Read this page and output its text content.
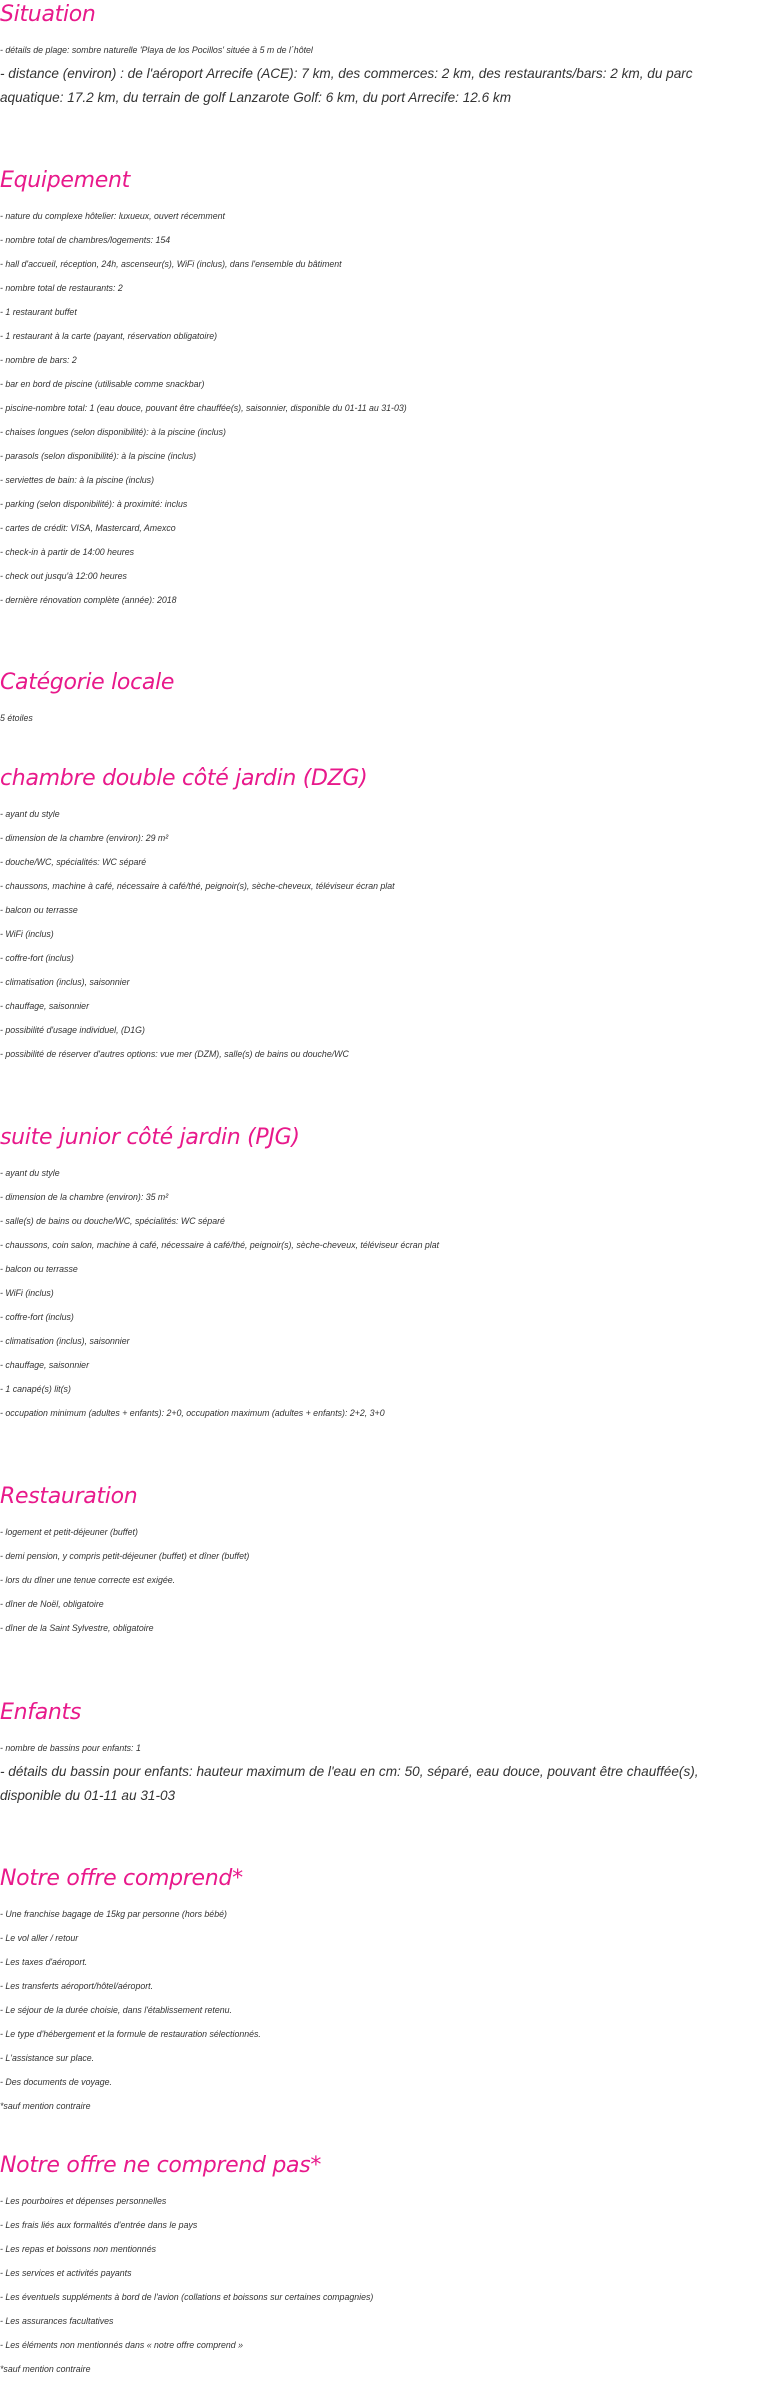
Situation
- détails de plage: sombre naturelle 'Playa de los Pocillos' située à 5 m de l´hôtel
- distance (environ) : de l'aéroport Arrecife (ACE): 7 km, des commerces: 2 km, des restaurants/bars: 2 km, du parc aquatique: 17.2 km, du terrain de golf Lanzarote Golf: 6 km, du port Arrecife: 12.6 km
Equipement
- nature du complexe hôtelier: luxueux, ouvert récemment
- nombre total de chambres/logements: 154
- hall d'accueil, réception, 24h, ascenseur(s), WiFi (inclus), dans l'ensemble du bâtiment
- nombre total de restaurants: 2
- 1 restaurant buffet
- 1 restaurant à la carte (payant, réservation obligatoire)
- nombre de bars: 2
- bar en bord de piscine (utilisable comme snackbar)
- piscine-nombre total: 1 (eau douce, pouvant être chauffée(s), saisonnier, disponible du 01-11 au 31-03)
- chaises longues (selon disponibilité): à la piscine (inclus)
- parasols (selon disponibilité): à la piscine (inclus)
- serviettes de bain: à la piscine (inclus)
- parking (selon disponibilité): à proximité: inclus
- cartes de crédit: VISA, Mastercard, Amexco
- check-in à partir de 14:00 heures
- check out jusqu'à 12:00 heures
- dernière rénovation complète (année): 2018
Catégorie locale
5 étoiles
chambre double côté jardin (DZG)
- ayant du style
- dimension de la chambre (environ): 29 m²
- douche/WC, spécialités: WC séparé
- chaussons, machine à café, nécessaire à café/thé, peignoir(s), sèche-cheveux, téléviseur écran plat
- balcon ou terrasse
- WiFi (inclus)
- coffre-fort (inclus)
- climatisation (inclus), saisonnier
- chauffage, saisonnier
- possibilité d'usage individuel, (D1G)
- possibilité de réserver d'autres options: vue mer (DZM), salle(s) de bains ou douche/WC
suite junior côté jardin (PJG)
- ayant du style
- dimension de la chambre (environ): 35 m²
- salle(s) de bains ou douche/WC, spécialités: WC séparé
- chaussons, coin salon, machine à café, nécessaire à café/thé, peignoir(s), sèche-cheveux, téléviseur écran plat
- balcon ou terrasse
- WiFi (inclus)
- coffre-fort (inclus)
- climatisation (inclus), saisonnier
- chauffage, saisonnier
- 1 canapé(s) lit(s)
- occupation minimum (adultes + enfants): 2+0, occupation maximum (adultes + enfants): 2+2, 3+0
Restauration
- logement et petit-déjeuner (buffet)
- demi pension, y compris petit-déjeuner (buffet) et dîner (buffet)
- lors du dîner une tenue correcte est exigée.
- dîner de Noël, obligatoire
- dîner de la Saint Sylvestre, obligatoire
Enfants
- nombre de bassins pour enfants: 1
- détails du bassin pour enfants: hauteur maximum de l'eau en cm: 50, séparé, eau douce, pouvant être chauffée(s), disponible du 01-11 au 31-03
Notre offre comprend*
- Une franchise bagage de 15kg par personne (hors bébé)
- Le vol aller / retour
- Les taxes d'aéroport.
- Les transferts aéroport/hôtel/aéroport.
- Le séjour de la durée choisie, dans l'établissement retenu.
- Le type d'hébergement et la formule de restauration sélectionnés.
- L'assistance sur place.
- Des documents de voyage.
*sauf mention contraire
Notre offre ne comprend pas*
- Les pourboires et dépenses personnelles
- Les frais liés aux formalités d'entrée dans le pays
- Les repas et boissons non mentionnés
- Les services et activités payants
- Les éventuels suppléments à bord de l'avion (collations et boissons sur certaines compagnies)
- Les assurances facultatives
- Les éléments non mentionnés dans « notre offre comprend »
*sauf mention contraire
